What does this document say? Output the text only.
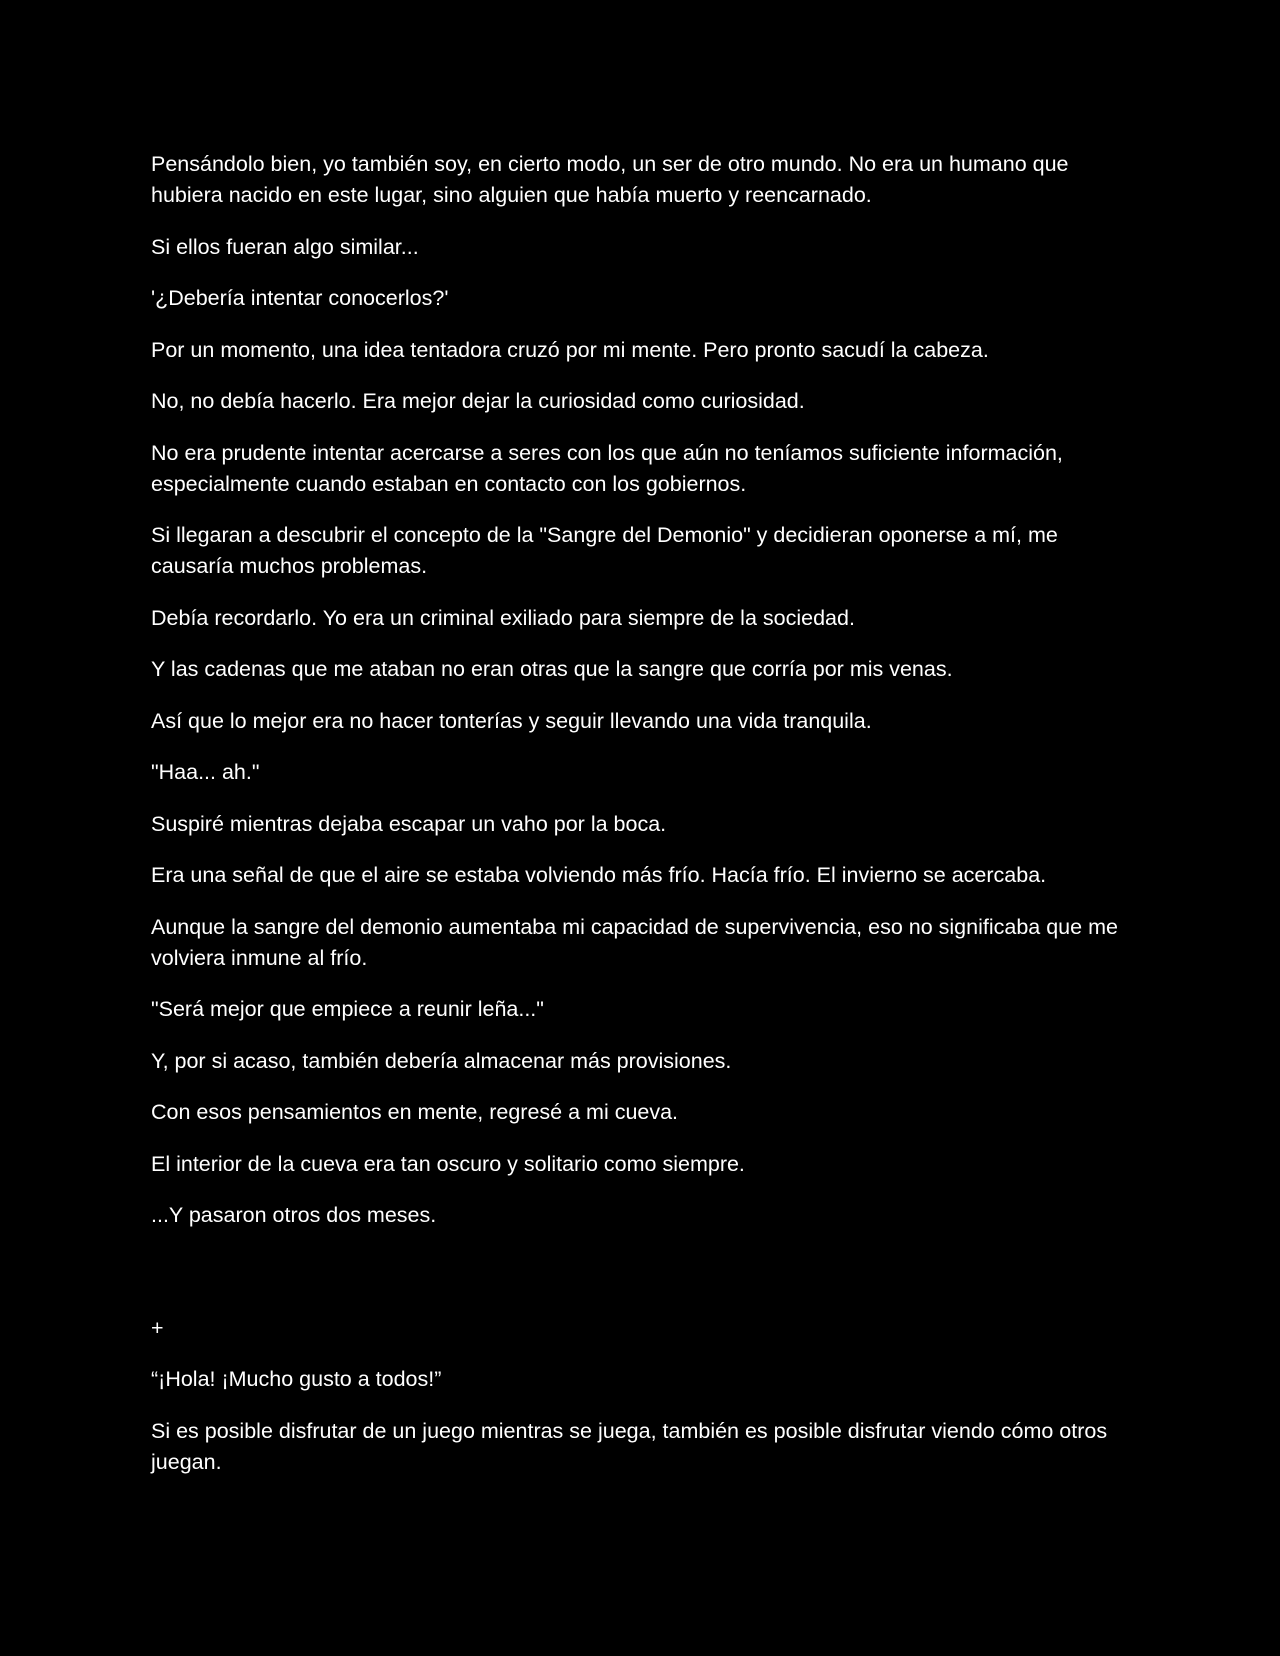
Pensándolo bien, yo también soy, en cierto modo, un ser de otro mundo. No era un humano que hubiera nacido en este lugar, sino alguien que había muerto y reencarnado.

Si ellos fueran algo similar...

'¿Debería intentar conocerlos?'

Por un momento, una idea tentadora cruzó por mi mente. Pero pronto sacudí la cabeza.

No, no debía hacerlo. Era mejor dejar la curiosidad como curiosidad.

No era prudente intentar acercarse a seres con los que aún no teníamos suficiente información, especialmente cuando estaban en contacto con los gobiernos.

Si llegaran a descubrir el concepto de la "Sangre del Demonio" y decidieran oponerse a mí, me causaría muchos problemas.

Debía recordarlo. Yo era un criminal exiliado para siempre de la sociedad.

Y las cadenas que me ataban no eran otras que la sangre que corría por mis venas.

Así que lo mejor era no hacer tonterías y seguir llevando una vida tranquila.

"Haa... ah."

Suspiré mientras dejaba escapar un vaho por la boca.

Era una señal de que el aire se estaba volviendo más frío. Hacía frío. El invierno se acercaba.

Aunque la sangre del demonio aumentaba mi capacidad de supervivencia, eso no significaba que me volviera inmune al frío.

"Será mejor que empiece a reunir leña..."

Y, por si acaso, también debería almacenar más provisiones.

Con esos pensamientos en mente, regresé a mi cueva.

El interior de la cueva era tan oscuro y solitario como siempre.

...Y pasaron otros dos meses.

+

“¡Hola! ¡Mucho gusto a todos!”

Si es posible disfrutar de un juego mientras se juega, también es posible disfrutar viendo cómo otros juegan.
